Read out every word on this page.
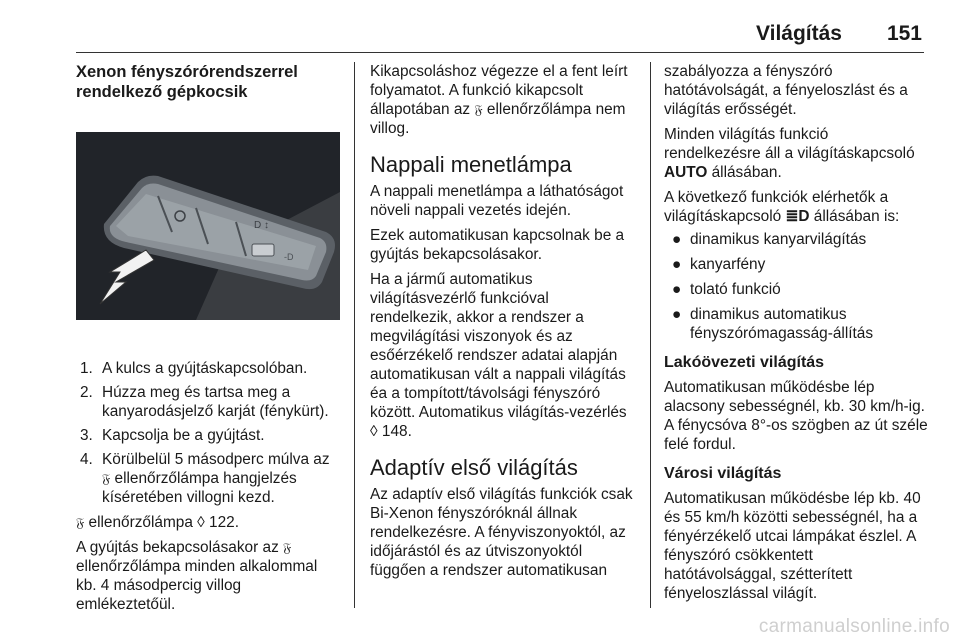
Világítás 151
Xenon fényszórórendszerrel rendelkező gépkocsik
D ↕
-D
1. A kulcs a gyújtáskapcsolóban.
2. Húzza meg és tartsa meg a kanyarodásjelző karját (fénykürt).
3. Kapcsolja be a gyújtást.
4. Körülbelül 5 másodperc múlva az 𝔉 ellenőrzőlámpa hangjelzés kíséretében villogni kezd.

𝔉 ellenőrzőlámpa ◊ 122.

A gyújtás bekapcsolásakor az 𝔉 ellenőrzőlámpa minden alkalommal kb. 4 másodpercig villog emlékeztetőül.

Kikapcsoláshoz végezze el a fent leírt folyamatot. A funkció kikapcsolt állapotában az 𝔉 ellenőrzőlámpa nem villog.

Nappali menetlámpa

A nappali menetlámpa a láthatóságot növeli nappali vezetés idején.

Ezek automatikusan kapcsolnak be a gyújtás bekapcsolásakor.

Ha a jármű automatikus világításvezérlő funkcióval rendelkezik, akkor a rendszer a megvilágítási viszonyok és az esőérzékelő rendszer adatai alapján automatikusan vált a nappali világítás éa a tompított/távolsági fényszóró között. Automatikus világítás-vezérlés ◊ 148.

Adaptív első világítás

Az adaptív első világítás funkciók csak Bi-Xenon fényszóróknál állnak rendelkezésre. A fényviszonyoktól, az időjárástól és az útviszonyoktól függően a rendszer automatikusan

szabályozza a fényszóró hatótávolságát, a fényeloszlást és a világítás erősségét.

Minden világítás funkció rendelkezésre áll a világításkapcsoló AUTO állásában.

A következő funkciók elérhetők a világításkapcsoló ≣D állásában is:

● dinamikus kanyarvilágítás
● kanyarfény
● tolató funkció
● dinamikus automatikus fényszórómagasság-állítás
Lakóövezeti világítás

Automatikusan működésbe lép alacsony sebességnél, kb. 30 km/h-ig. A fénycsóva 8°-os szögben az út széle felé fordul.

Városi világítás

Automatikusan működésbe lép kb. 40 és 55 km/h közötti sebességnél, ha a fényérzékelő utcai lámpákat észlel. A fényszóró csökkentett hatótávolsággal, szétterített fényeloszlással világít.

carmanualsonline.info
